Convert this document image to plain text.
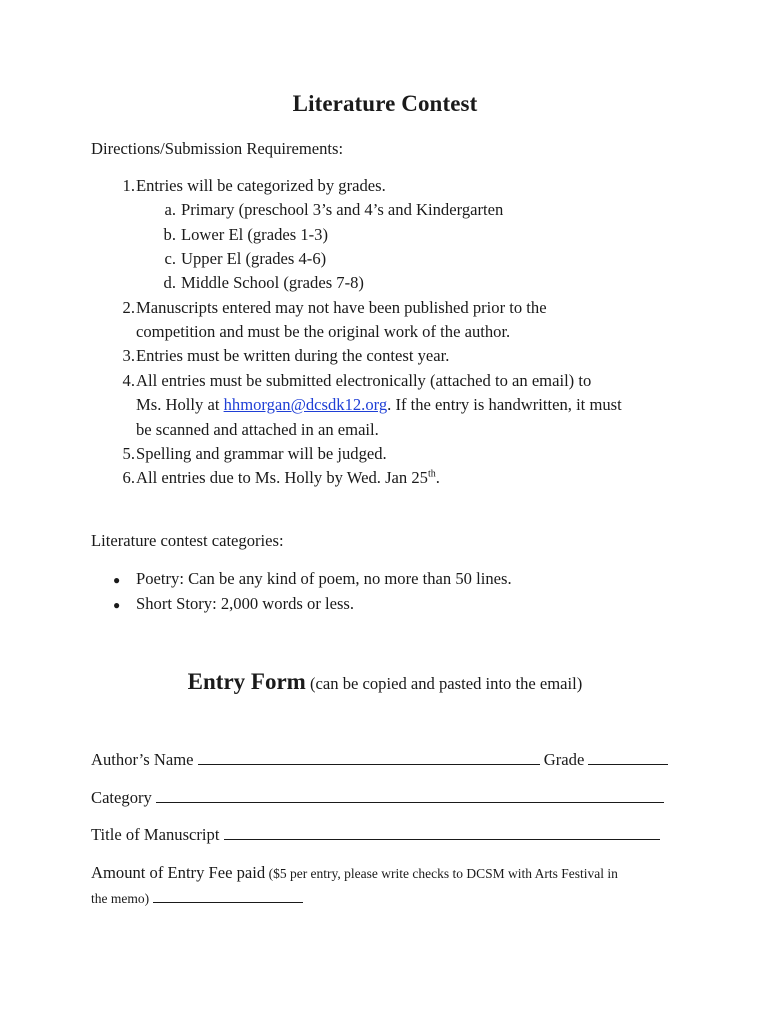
Literature Contest
Directions/Submission Requirements:
1. Entries will be categorized by grades.
a. Primary (preschool 3’s and 4’s and Kindergarten
b. Lower El (grades 1-3)
c. Upper El (grades 4-6)
d. Middle School (grades 7-8)
2. Manuscripts entered may not have been published prior to the
competition and must be the original work of the author.
3. Entries must be written during the contest year.
4. All entries must be submitted electronically (attached to an email) to
Ms. Holly at hhmorgan@dcsdk12.org. If the entry is handwritten, it must
be scanned and attached in an email.
5. Spelling and grammar will be judged.
6. All entries due to Ms. Holly by Wed. Jan 25th.
Literature contest categories:
● Poetry: Can be any kind of poem, no more than 50 lines.
● Short Story: 2,000 words or less.
Entry Form (can be copied and pasted into the email)
Author’s Name	Grade
Category
Title of Manuscript
Amount of Entry Fee paid ($5 per entry, please write checks to DCSM with Arts Festival in
the memo)
